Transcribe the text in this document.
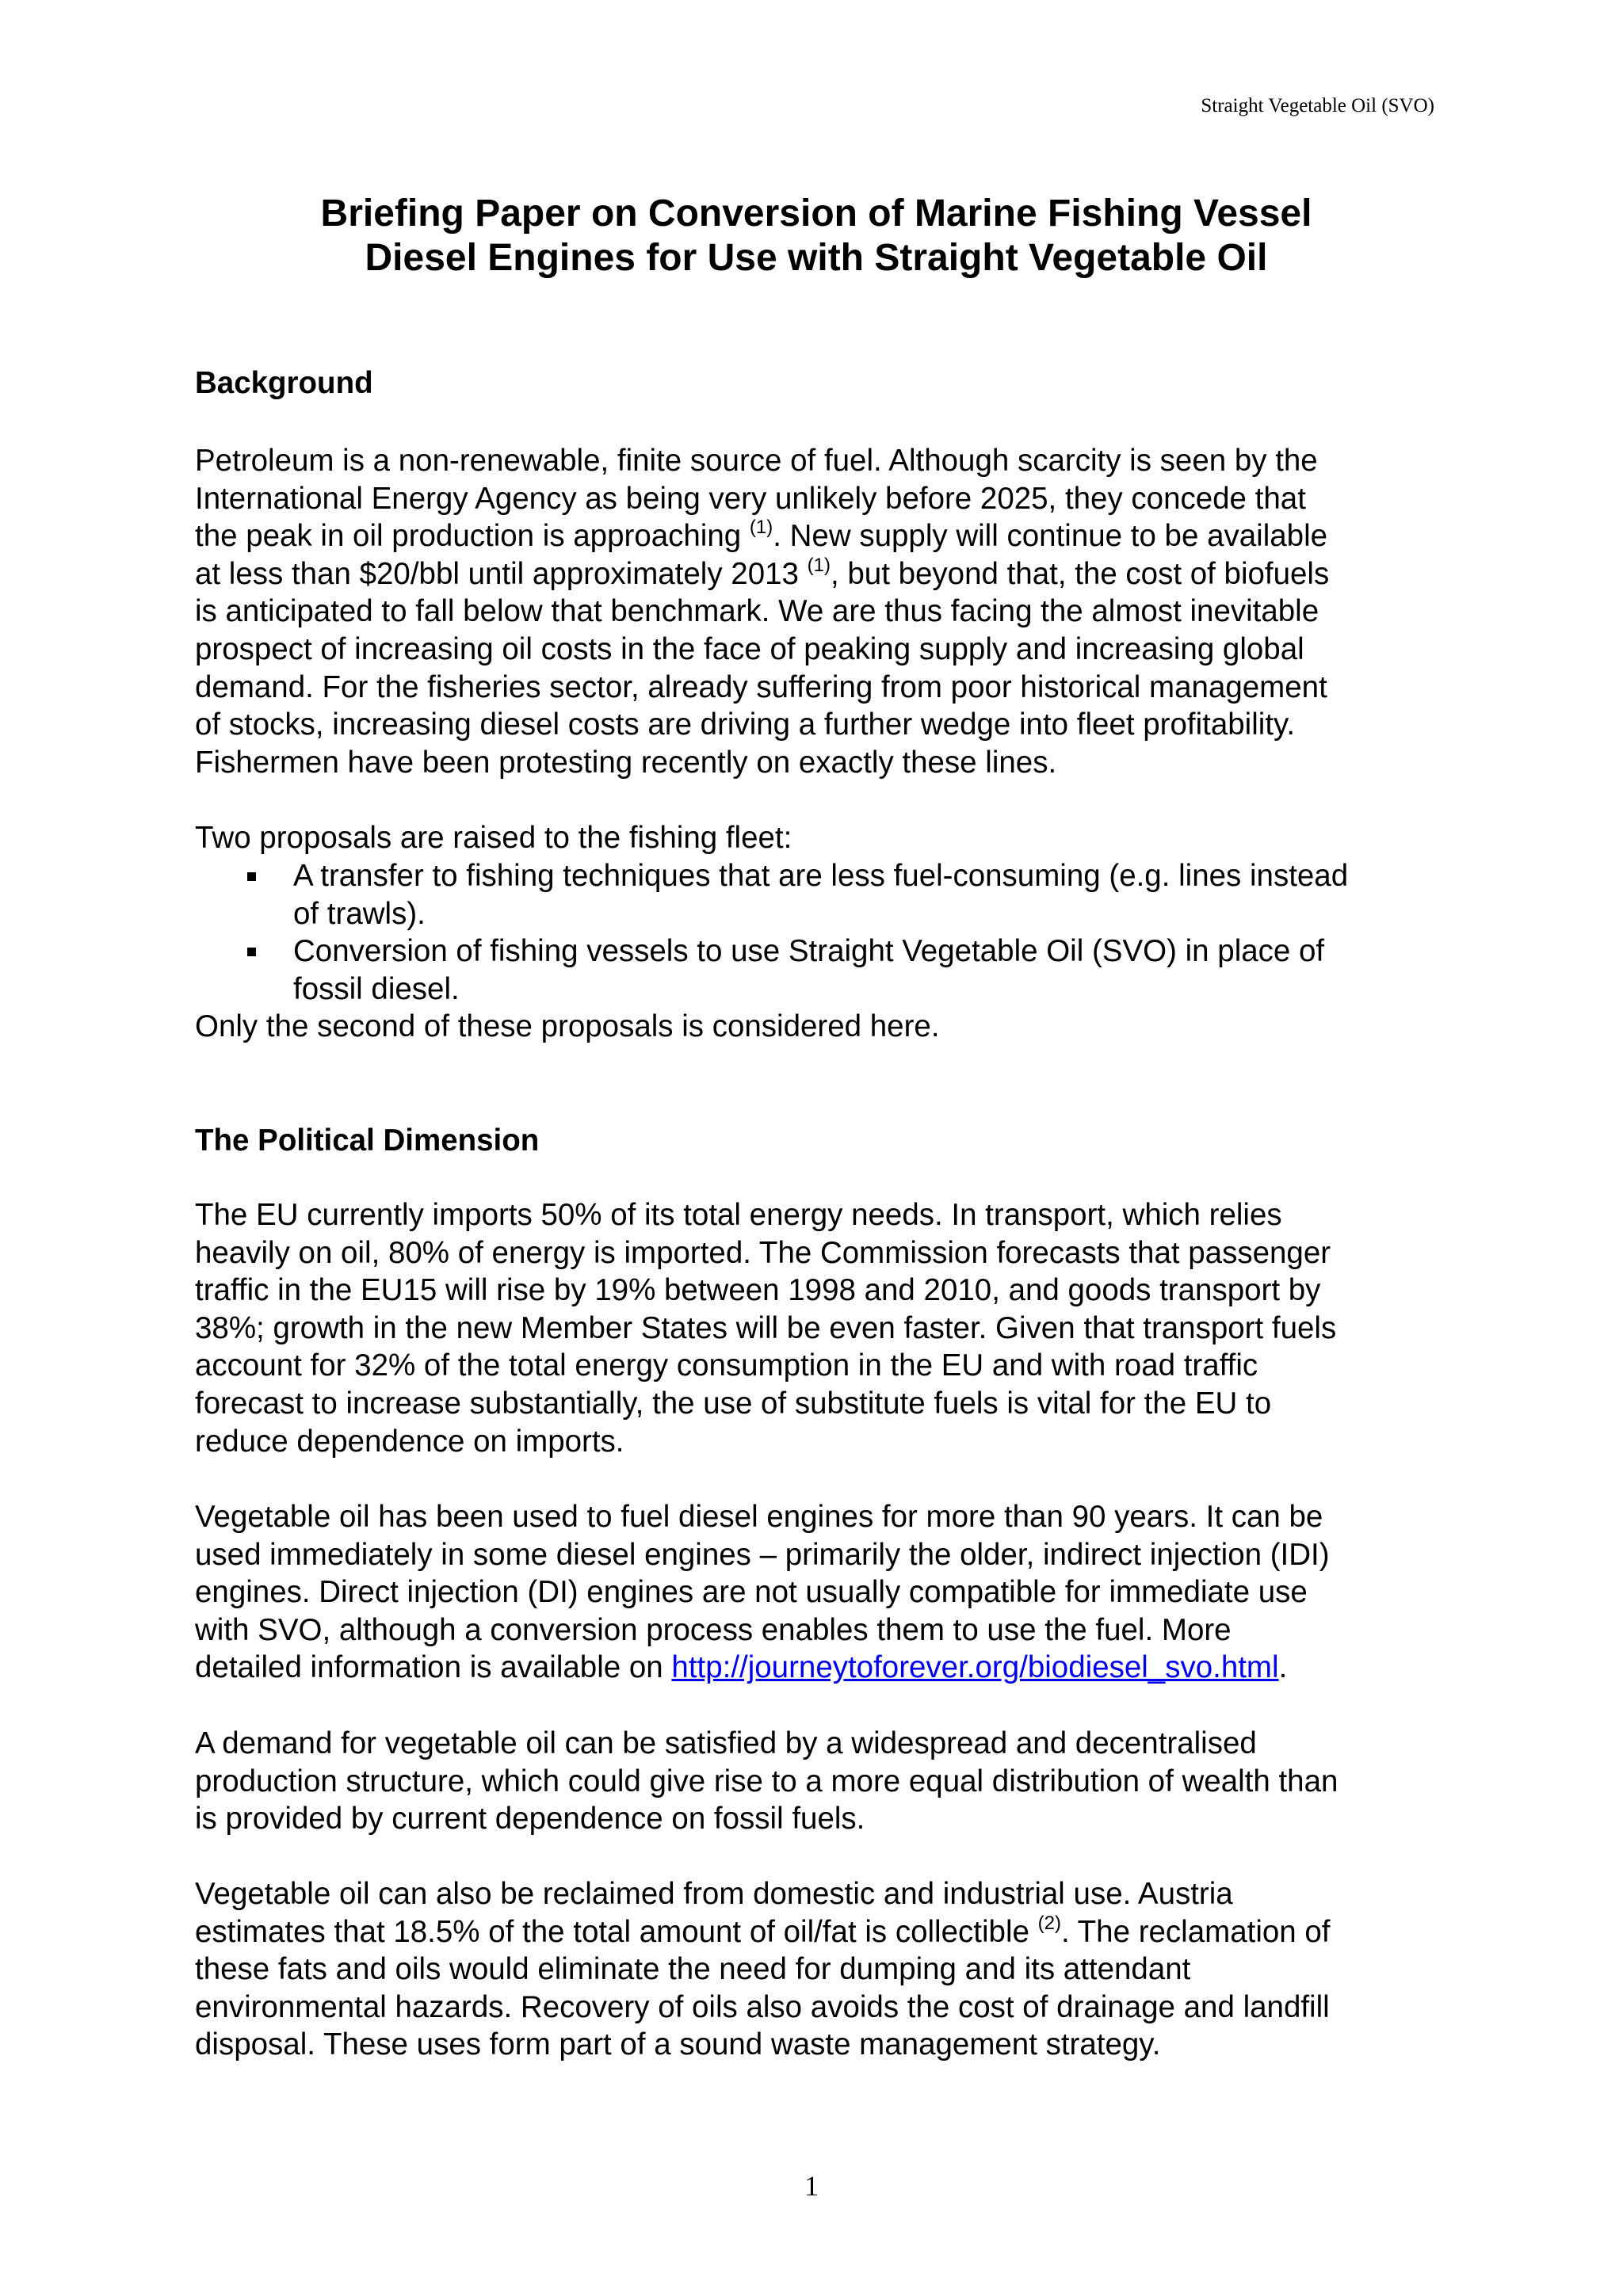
Straight Vegetable Oil (SVO)
Briefing Paper on Conversion of Marine Fishing Vessel
Diesel Engines for Use with Straight Vegetable Oil
Background

Petroleum is a non-renewable, finite source of fuel. Although scarcity is seen by the
International Energy Agency as being very unlikely before 2025, they concede that
the peak in oil production is approaching $^{(1)}$. New supply will continue to be available
at less than $20/bbl until approximately 2013 $^{(1)}$, but beyond that, the cost of biofuels
is anticipated to fall below that benchmark. We are thus facing the almost inevitable
prospect of increasing oil costs in the face of peaking supply and increasing global
demand. For the fisheries sector, already suffering from poor historical management
of stocks, increasing diesel costs are driving a further wedge into fleet profitability.
Fishermen have been protesting recently on exactly these lines.

Two proposals are raised to the fishing fleet:

A transfer to fishing techniques that are less fuel-consuming (e.g. lines instead
of trawls).
Conversion of fishing vessels to use Straight Vegetable Oil (SVO) in place of
fossil diesel.

Only the second of these proposals is considered here.

The Political Dimension

The EU currently imports 50% of its total energy needs. In transport, which relies
heavily on oil, 80% of energy is imported. The Commission forecasts that passenger
traffic in the EU15 will rise by 19% between 1998 and 2010, and goods transport by
38%; growth in the new Member States will be even faster. Given that transport fuels
account for 32% of the total energy consumption in the EU and with road traffic
forecast to increase substantially, the use of substitute fuels is vital for the EU to
reduce dependence on imports.

Vegetable oil has been used to fuel diesel engines for more than 90 years. It can be
used immediately in some diesel engines – primarily the older, indirect injection (IDI)
engines. Direct injection (DI) engines are not usually compatible for immediate use
with SVO, although a conversion process enables them to use the fuel. More
detailed information is available on http://journeytoforever.org/biodiesel_svo.html.

A demand for vegetable oil can be satisfied by a widespread and decentralised
production structure, which could give rise to a more equal distribution of wealth than
is provided by current dependence on fossil fuels.

Vegetable oil can also be reclaimed from domestic and industrial use. Austria
estimates that 18.5% of the total amount of oil/fat is collectible $^{(2)}$. The reclamation of
these fats and oils would eliminate the need for dumping and its attendant
environmental hazards. Recovery of oils also avoids the cost of drainage and landfill
disposal. These uses form part of a sound waste management strategy.

1
